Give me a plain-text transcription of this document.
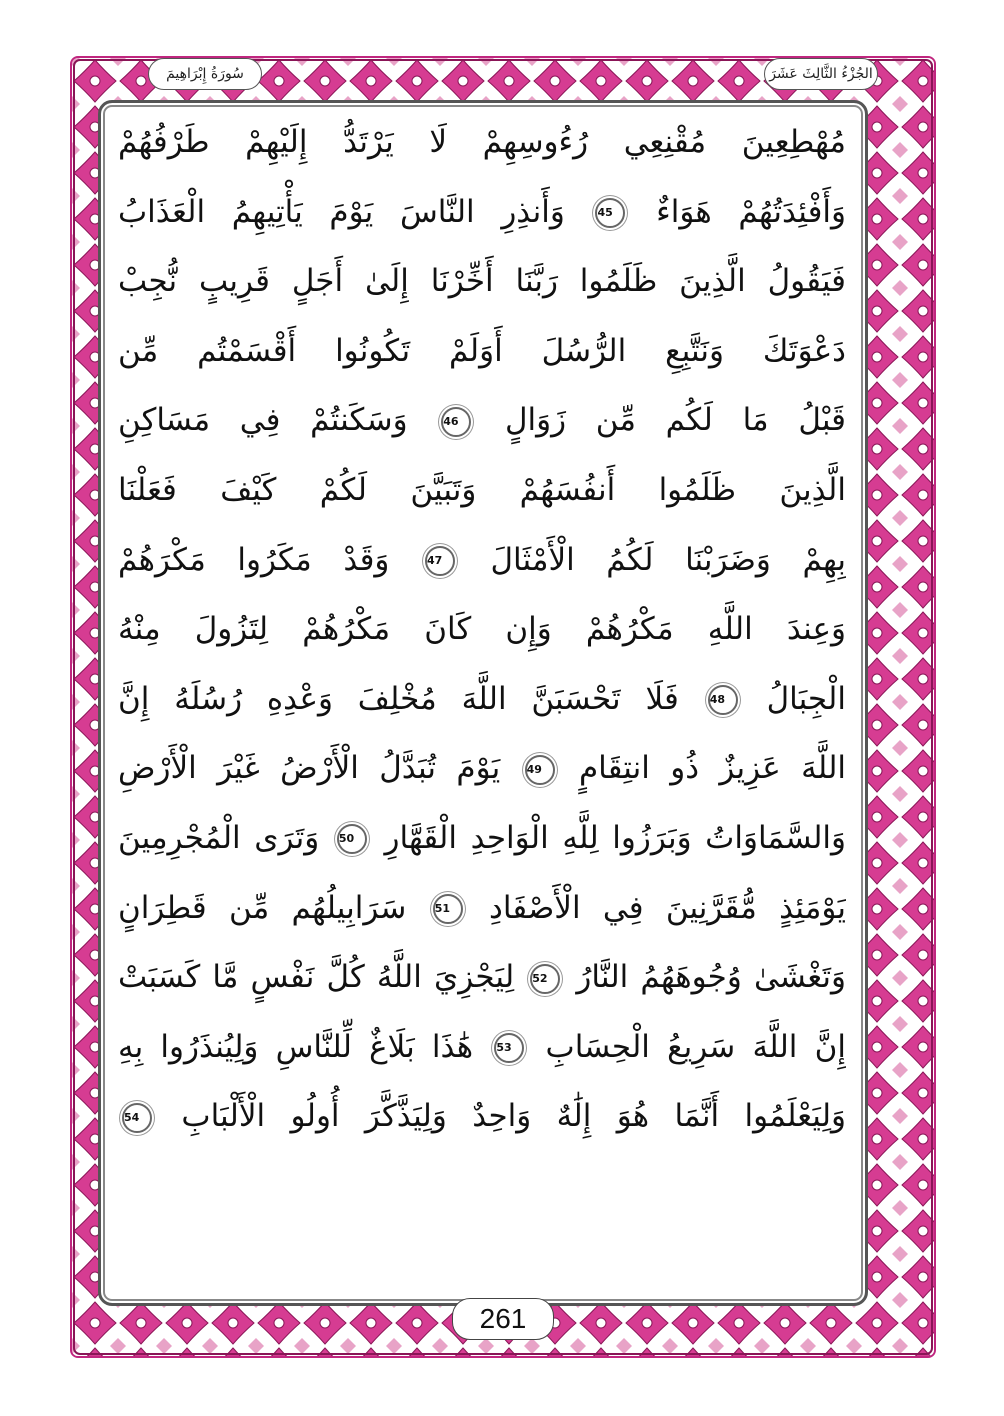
سُورَةُ إِبْرَاهِيمَ	الجُزْءُ الثَّالِثَ عَشَرَ
مُهْطِعِينَ مُقْنِعِي رُءُوسِهِمْ لَا يَرْتَدُّ إِلَيْهِمْ طَرْفُهُمْ
وَأَفْئِدَتُهُمْ هَوَاءٌ 45 وَأَنذِرِ النَّاسَ يَوْمَ يَأْتِيهِمُ الْعَذَابُ
فَيَقُولُ الَّذِينَ ظَلَمُوا رَبَّنَا أَخِّرْنَا إِلَىٰ أَجَلٍ قَرِيبٍ نُّجِبْ
دَعْوَتَكَ وَنَتَّبِعِ الرُّسُلَ أَوَلَمْ تَكُونُوا أَقْسَمْتُم مِّن
قَبْلُ مَا لَكُم مِّن زَوَالٍ 46 وَسَكَنتُمْ فِي مَسَاكِنِ
الَّذِينَ ظَلَمُوا أَنفُسَهُمْ وَتَبَيَّنَ لَكُمْ كَيْفَ فَعَلْنَا
بِهِمْ وَضَرَبْنَا لَكُمُ الْأَمْثَالَ 47 وَقَدْ مَكَرُوا مَكْرَهُمْ
وَعِندَ اللَّهِ مَكْرُهُمْ وَإِن كَانَ مَكْرُهُمْ لِتَزُولَ مِنْهُ
الْجِبَالُ 48 فَلَا تَحْسَبَنَّ اللَّهَ مُخْلِفَ وَعْدِهِ رُسُلَهُ إِنَّ
اللَّهَ عَزِيزٌ ذُو انتِقَامٍ 49 يَوْمَ تُبَدَّلُ الْأَرْضُ غَيْرَ الْأَرْضِ
وَالسَّمَاوَاتُ وَبَرَزُوا لِلَّهِ الْوَاحِدِ الْقَهَّارِ 50 وَتَرَى الْمُجْرِمِينَ
يَوْمَئِذٍ مُّقَرَّنِينَ فِي الْأَصْفَادِ 51 سَرَابِيلُهُم مِّن قَطِرَانٍ
وَتَغْشَىٰ وُجُوهَهُمُ النَّارُ 52 لِيَجْزِيَ اللَّهُ كُلَّ نَفْسٍ مَّا كَسَبَتْ
إِنَّ اللَّهَ سَرِيعُ الْحِسَابِ 53 هَٰذَا بَلَاغٌ لِّلنَّاسِ وَلِيُنذَرُوا بِهِ
وَلِيَعْلَمُوا أَنَّمَا هُوَ إِلَٰهٌ وَاحِدٌ وَلِيَذَّكَّرَ أُولُو الْأَلْبَابِ 54
261
